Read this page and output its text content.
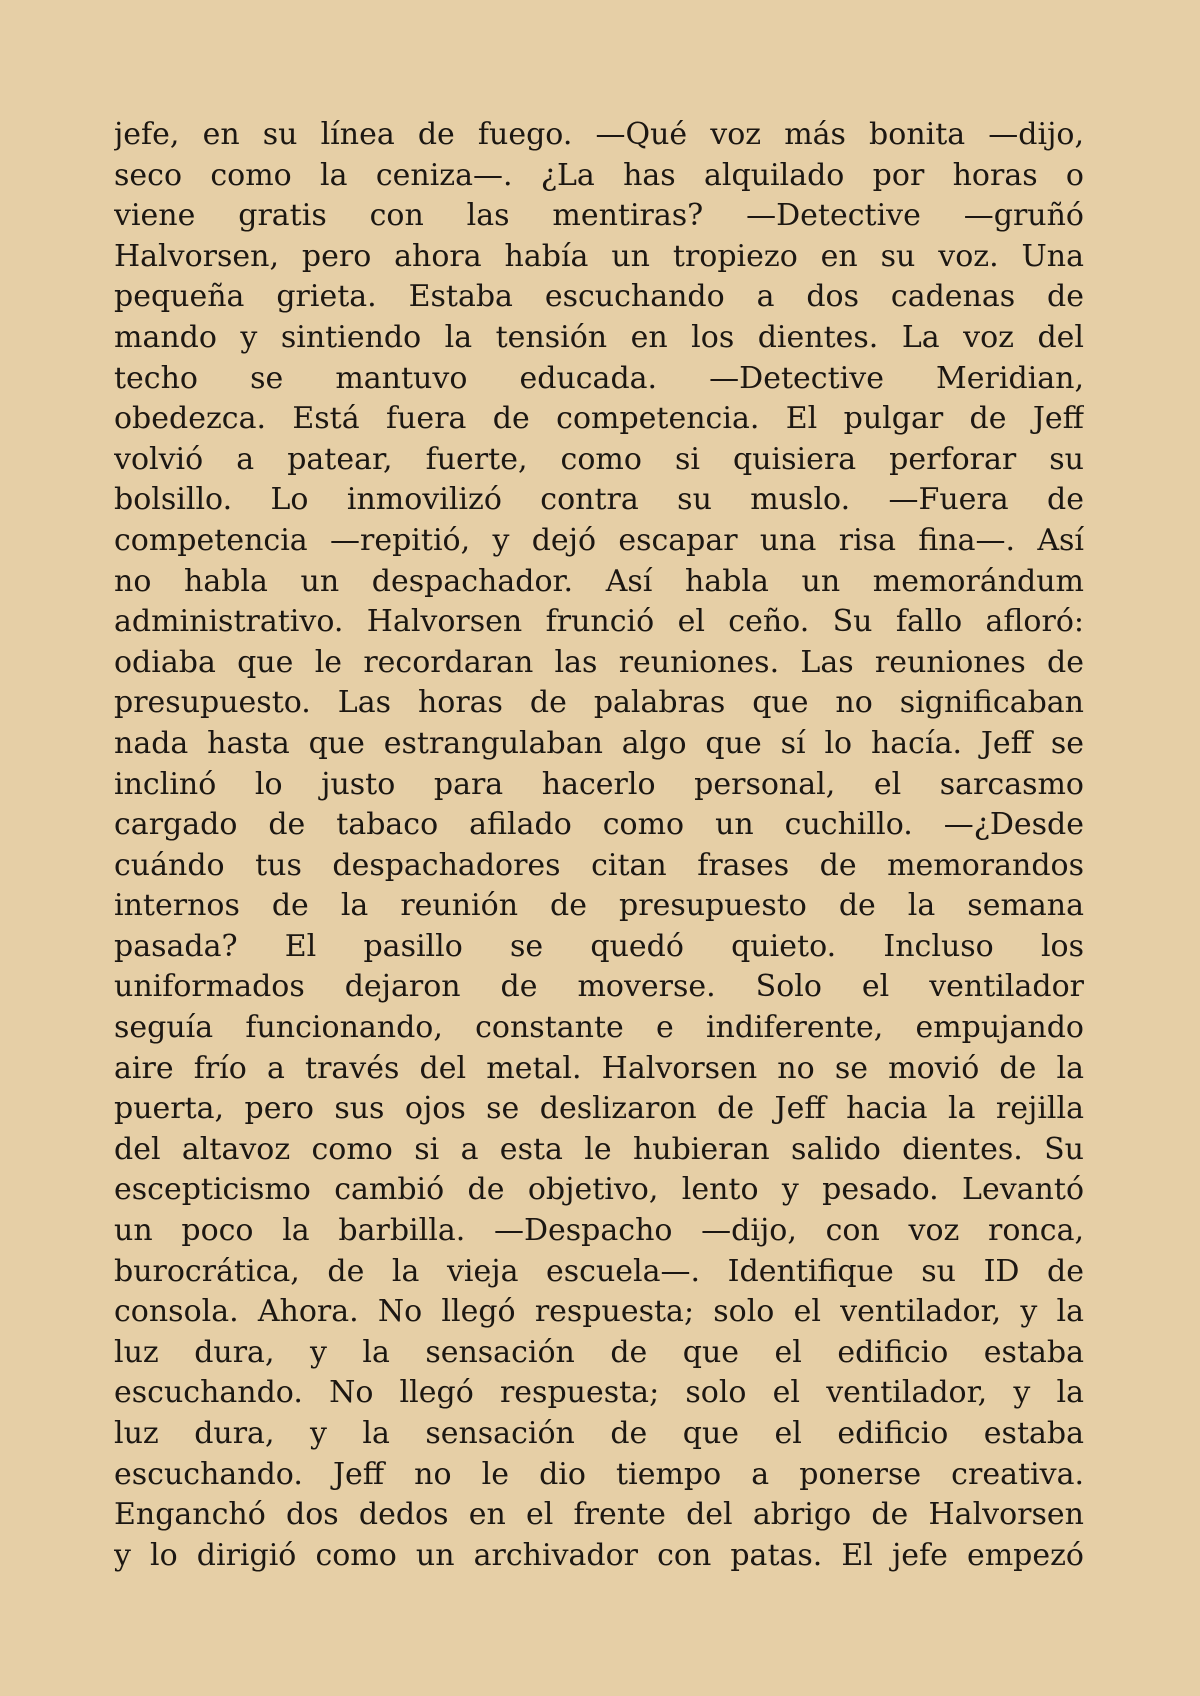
jefe, en su línea de fuego. —Qué voz más bonita —dijo,
seco como la ceniza—. ¿La has alquilado por horas o
viene gratis con las mentiras? —Detective —gruñó
Halvorsen, pero ahora había un tropiezo en su voz. Una
pequeña grieta. Estaba escuchando a dos cadenas de
mando y sintiendo la tensión en los dientes. La voz del
techo se mantuvo educada. —Detective Meridian,
obedezca. Está fuera de competencia. El pulgar de Jeff
volvió a patear, fuerte, como si quisiera perforar su
bolsillo. Lo inmovilizó contra su muslo. —Fuera de
competencia —repitió, y dejó escapar una risa fina—. Así
no habla un despachador. Así habla un memorándum
administrativo. Halvorsen frunció el ceño. Su fallo afloró:
odiaba que le recordaran las reuniones. Las reuniones de
presupuesto. Las horas de palabras que no significaban
nada hasta que estrangulaban algo que sí lo hacía. Jeff se
inclinó lo justo para hacerlo personal, el sarcasmo
cargado de tabaco afilado como un cuchillo. —¿Desde
cuándo tus despachadores citan frases de memorandos
internos de la reunión de presupuesto de la semana
pasada? El pasillo se quedó quieto. Incluso los
uniformados dejaron de moverse. Solo el ventilador
seguía funcionando, constante e indiferente, empujando
aire frío a través del metal. Halvorsen no se movió de la
puerta, pero sus ojos se deslizaron de Jeff hacia la rejilla
del altavoz como si a esta le hubieran salido dientes. Su
escepticismo cambió de objetivo, lento y pesado. Levantó
un poco la barbilla. —Despacho —dijo, con voz ronca,
burocrática, de la vieja escuela—. Identifique su ID de
consola. Ahora. No llegó respuesta; solo el ventilador, y la
luz dura, y la sensación de que el edificio estaba
escuchando. No llegó respuesta; solo el ventilador, y la
luz dura, y la sensación de que el edificio estaba
escuchando. Jeff no le dio tiempo a ponerse creativa.
Enganchó dos dedos en el frente del abrigo de Halvorsen
y lo dirigió como un archivador con patas. El jefe empezó
